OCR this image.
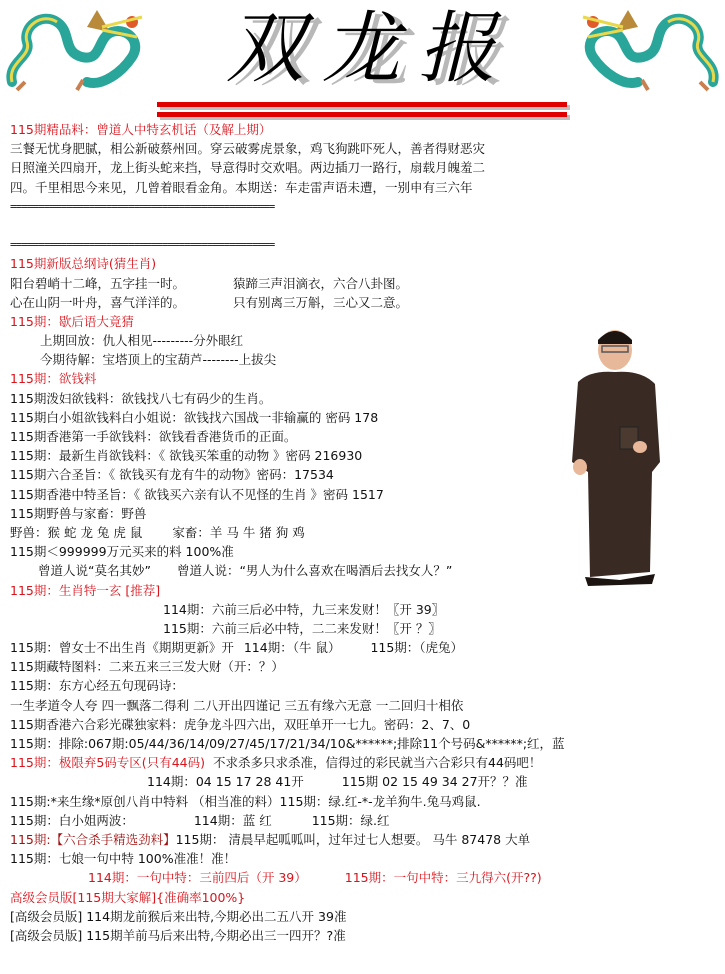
双龙报
115期精品料：曾道人中特玄机话（及解上期）
三餐无忧身肥腻，相公新破蔡州回。穿云破雾虎景象，鸡飞狗跳吓死人，善者得财恶灾
日照潼关四扇开，龙上街头蛇来挡，导意得时交欢唱。两边插刀一路行，扇载月魄羞二
四。千里相思今来见，几曾着眼看金角。本期送：车走雷声语未遭，一别申有三六年
===============================================
===============================================
115期新版总纲诗(猜生肖)
阳台碧峭十二峰，五字挂一时。	猿蹄三声泪滴衣，六合八卦图。
心在山阴一叶舟，喜气洋洋的。	只有别离三万斛，三心又二意。
115期：歇后语大竟猜
上期回放：仇人相见---------分外眼红
今期待解：宝塔顶上的宝葫芦--------上拔尖
115期：欲钱料
115期泼妇欲钱料：欲钱找八七有码少的生肖。
115期白小姐欲钱料白小姐说：欲钱找六国战一非输赢的 密码 178
115期香港第一手欲钱料：欲钱看香港货币的正面。
115期：最新生肖欲钱料：《 欲钱买笨重的动物 》密码 216930
115期六合圣旨：《 欲钱买有龙有牛的动物》密码：17534
115期香港中特圣旨：《 欲钱买六亲有认不见怪的生肖 》密码 1517
115期野兽与家畜：野兽
野兽：猴 蛇 龙 兔 虎 鼠 家畜：羊 马 牛 猪 狗 鸡
115期＜999999万元买来的料 100%准
曾道人说“莫名其妙” 曾道人说：“男人为什么喜欢在喝酒后去找女人？”
115期：生肖特一玄 [推荐]
114期：六前三后必中特，九三来发财！〖开 39〗
115期：六前三后必中特，二二来发财！〖开 ？〗
115期：曾女士不出生肖《期期更新》开 114期：（牛 鼠） 115期：（虎兔）
115期藏特图料：二来五来三三发大财（开：？）
115期：东方心经五句现码诗：
一生孝道令人夸 四一飘落二得利 二八开出四谨记 三五有缘六无意 一二回归十相依
115期香港六合彩光碟独家料：虎争龙斗四六出，双旺单开一七九。密码：2、7、0
115期：排除:067期:05/44/36/14/09/27/45/17/21/34/10&******;排除11个号码&******;红，蓝
115期：极限弃5码专区(只有44码) 不求杀多只求杀准，信得过的彩民就当六合彩只有44码吧！
114期：04 15 17 28 41开	115期 02 15 49 34 27开？？准
115期:*来生缘*原创八肖中特料 （相当准的料）115期：绿.红-*-龙羊狗牛.兔马鸡鼠.
115期：白小姐两波：	114期：蓝 红	115期：绿.红
115期:【六合杀手精选劲料】115期： 清晨早起呱呱叫，过年过七人想要。 马牛 87478 大单
115期：七娘一句中特 100%准准！准！
114期：一句中特：三前四后（开 39）	115期：一句中特：三九得六(开??)
高级会员版[115期大家解]{准确率100%}
[高级会员版] 114期龙前猴后来出特,今期必出二五八开 39准
[高级会员版] 115期羊前马后来出特,今期必出三一四开？?准
